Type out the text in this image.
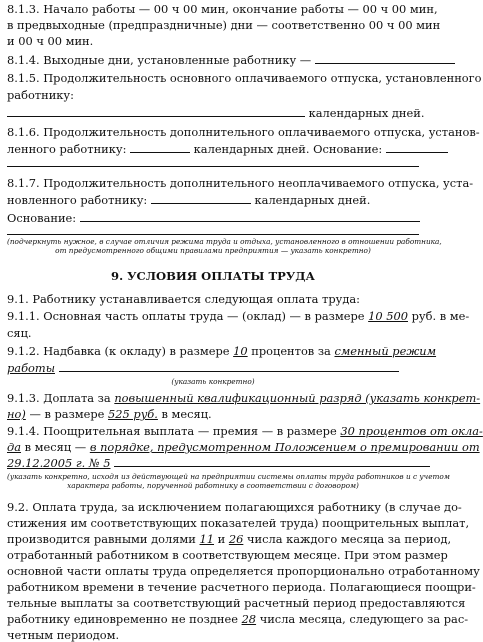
8.1.3. Начало работы — 00 ч 00 мин, окончание работы — 00 ч 00 мин,
в предвыходные (предпраздничные) дни — соответственно 00 ч 00 мин
и 00 ч 00 мин.
8.1.4. Выходные дни, установленные работнику —
8.1.5. Продолжительность основного оплачиваемого отпуска, установленного
работнику:
календарных дней.
8.1.6. Продолжительность дополнительного оплачиваемого отпуска, установ-
ленного работнику:	календарных дней. Основание:
8.1.7. Продолжительность дополнительного неоплачиваемого отпуска, уста-
новленного работнику:	календарных дней.
Основание:
(подчеркнуть нужное, в случае отличия режима труда и отдыха, установленного в отношении работника,
от предусмотренного общими правилами предприятия — указать конкретно)
9. УСЛОВИЯ ОПЛАТЫ ТРУДА
9.1. Работнику устанавливается следующая оплата труда:
9.1.1. Основная часть оплаты труда — (оклад) — в размере 10 500 руб. в ме-
сяц.
9.1.2. Надбавка (к окладу) в размере 10 процентов за сменный режим
работы
(указать конкретно)
9.1.3. Доплата за повышенный квалификационный разряд (указать конкрет-
но) — в размере 525 руб. в месяц.
9.1.4. Поощрительная выплата — премия — в размере 30 процентов от окла-
да в месяц — в порядке, предусмотренном Положением о премировании от
29.12.2005 г. № 5
(указать конкретно, исходя из действующей на предприятии системы оплаты труда работников и с учетом
характера работы, порученной работнику в соответствии с договором)
9.2. Оплата труда, за исключением полагающихся работнику (в случае до-
стижения им соответствующих показателей труда) поощрительных выплат,
производится равными долями 11 и 26 числа каждого месяца за период,
отработанный работником в соответствующем месяце. При этом размер
основной части оплаты труда определяется пропорционально отработанному
работником времени в течение расчетного периода. Полагающиеся поощри-
тельные выплаты за соответствующий расчетный период предоставляются
работнику единовременно не позднее 28 числа месяца, следующего за рас-
четным периодом.
